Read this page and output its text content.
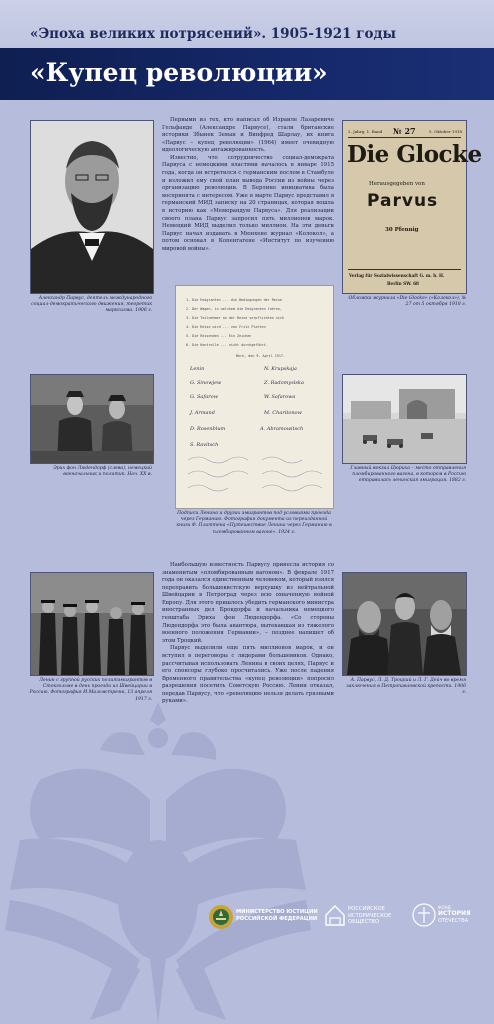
«Эпоха великих потрясений». 1905-1921 годы
«Купец революции»
Александр Парвус, деятель международного социал-демократического движения, теоретик марксизма. 1906 г.

Первыми из тех, кто написал об Израиле Лазаревиче Гельфанде (Александре Парвусе), стали британские историки Збынек Земан и Винфред Шарлау, их книга «Парвус – купец революции» (1964) имеет очевидную идеологическую ангажированность.

Известно, что сотрудничество социал-демократа Парвуса с немецкими властями началось в январе 1915 года, когда он встретился с германским послом в Стамбуле и изложил ему свой план вывода России из войны через организацию революции. В Берлине инициатива была воспринята с интересом. Уже в марте Парвус представил в германский МИД записку на 20 страницах, которая вошла в историю как «Меморандум Парвуса». Для реализации своего плана Парвус запросил пять миллионов марок. Немецкий МИД выделил только миллион. На эти деньги Парвус начал издавать в Мюнхене журнал «Колокол», а потом основал в Копенгагене «Институт по изучению мировой войны».

2. Jahrg. 1. Band № 27	5. Oktober 1918
Die Glocke
Herausgegeben von
Parvus
30 Pfennig
Verlag für Sozialwissenschaft G. m. b. H.
Berlin SW. 68
Обложка журнала «Die Glocke» («Колокол»), № 27 от 5 октября 1918 г.
1. Die Emigranten ... die Bedingungen der Reise
2. Der Wagen, in welchem die Emigranten fahren,
3. Die Teilnehmer an der Reise verpflichten sich
4. Die Reise wird ... von Fritz Platten
5. Die Reisenden ... Ein Zeichen
6. Die Kontrolle ... nicht durchgeführt.
Bern, den 9. April 1917.
Lenin	N. Krupskaja
G. Sinowjew	Z. Radomyslska
G. Safarow	W. Safarowa
J. Armand	M. Charitonow
D. Rosenblum	A. Abramowitsch
S. Ravitsch
Подписи Ленина и других эмигрантов под условиями проезда через Германию. Фотография документа из переизданной книги Ф. Платтена «Путешествие Ленина через Германию в пломбированном вагоне». 1924 г.
Эрих фон Людендорф (слева), немецкий военачальник и политик. Нач. ХХ в.
Главный вокзал Цюриха – место отправления пломбированного вагона, в котором в Россию отправилась ленинская эмиграция. 1882 г.

Наибольшую известность Парвусу принесла история со знаменитым «пломбированным вагоном». В феврале 1917 года он оказался единственным человеком, который взялся переправить большевистскую верхушку из нейтральной Швейцарии в Петроград через всю охваченную войной Европу. Для этого пришлось убедить германского министра иностранных дел Брокдорфа и начальника немецкого генштаба Эриха фон Людендорфа. «Со стороны Людендорфа это была авантюра, вытекавшая из тяжелого военного положения Германии», – позднее напишет об этом Троцкий.

Парвус выделили еще пять миллионов марок, и он вступил в переговоры с лидерами большевиков. Однако, рассчитывая использовать Ленина в своих целях, Парвус и его спонсоры глубоко просчитались. Уже после падения Временного правительства «купец революции» попросил разрешения посетить Советскую Россию. Ленин отказал, передав Парвусу, что «революцию нельзя делать грязными руками».

Ленин с группой русских политэмигрантов в Стокгольме в день проезда из Швейцарии в Россию. Фотография И.Мальмстрема, 13 апреля 1917 г.
А. Парвус, Л. Д. Троцкий и Л. Г. Дейч во время заключения в Петропавловской крепости. 1906 г.
МИНИСТЕРСТВО ЮСТИЦИИ
РОССИЙСКОЙ ФЕДЕРАЦИИ
РОССИЙСКОЕ
ИСТОРИЧЕСКОЕ
ОБЩЕСТВО
ФОНД
ИСТОРИЯ
ОТЕЧЕСТВА
